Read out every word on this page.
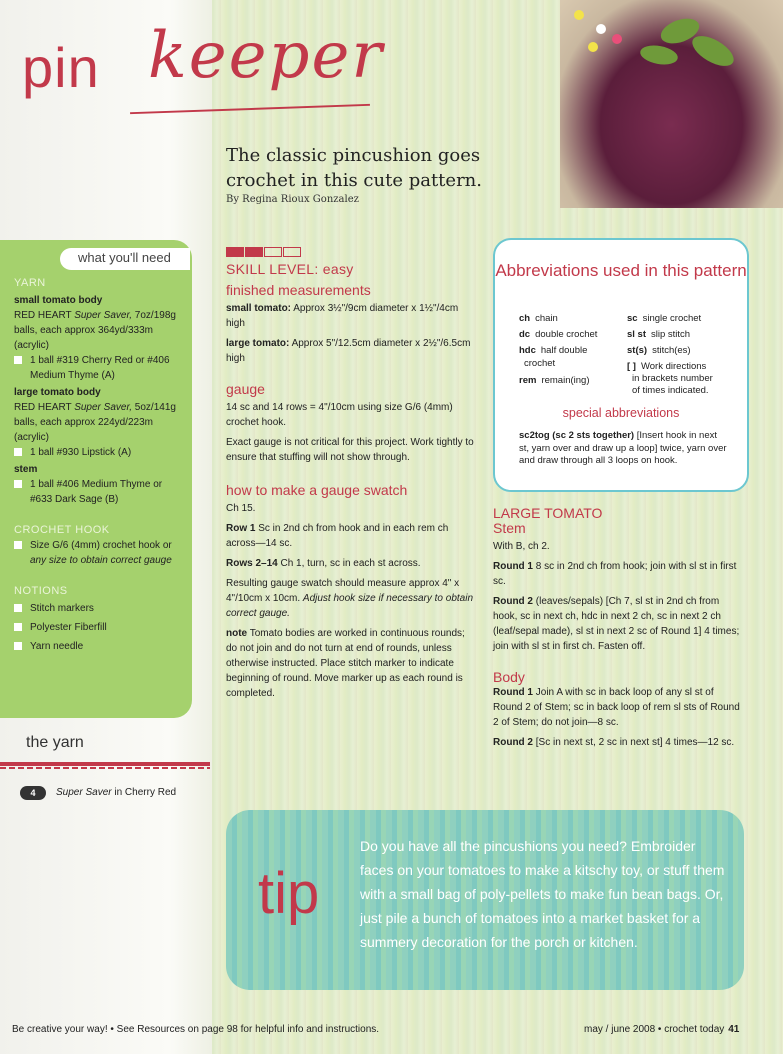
pin keeper
The classic pincushion goes crochet in this cute pattern.
By Regina Rioux Gonzalez
what you'll need
YARN
small tomato body
RED HEART Super Saver, 7oz/198g balls, each approx 364yd/333m (acrylic)
1 ball #319 Cherry Red or #406 Medium Thyme (A)
large tomato body
RED HEART Super Saver, 5oz/141g balls, each approx 224yd/223m (acrylic)
1 ball #930 Lipstick (A)
stem
1 ball #406 Medium Thyme or #633 Dark Sage (B)
CROCHET HOOK
Size G/6 (4mm) crochet hook or any size to obtain correct gauge
NOTIONS
Stitch markers
Polyester Fiberfill
Yarn needle
the yarn
4	Super Saver in Cherry Red
SKILL LEVEL: easy
finished measurements

small tomato: Approx 3½"/9cm diameter x 1½"/4cm high

large tomato: Approx 5"/12.5cm diameter x 2½"/6.5cm high

gauge

14 sc and 14 rows = 4"/10cm using size G/6 (4mm) crochet hook.

Exact gauge is not critical for this project. Work tightly to ensure that stuffing will not show through.

how to make a gauge swatch

Ch 15.

Row 1 Sc in 2nd ch from hook and in each rem ch across—14 sc.

Rows 2–14 Ch 1, turn, sc in each st across.

Resulting gauge swatch should measure approx 4" x 4"/10cm x 10cm. Adjust hook size if necessary to obtain correct gauge.

note Tomato bodies are worked in continuous rounds; do not join and do not turn at end of rounds, unless otherwise instructed. Place stitch marker to indicate beginning of round. Move marker up as each round is completed.

Abbreviations used in this pattern
ch chain
dc double crochet
hdc half double
crochet
rem remain(ing)
sc single crochet
sl st slip stitch
st(s) stitch(es)
[ ] Work directions
in brackets number
of times indicated.
special abbreviations
sc2tog (sc 2 sts together) [Insert hook in next st, yarn over and draw up a loop] twice, yarn over and draw through all 3 loops on hook.
LARGE TOMATO
Stem

With B, ch 2.

Round 1 8 sc in 2nd ch from hook; join with sl st in first sc.

Round 2 (leaves/sepals) [Ch 7, sl st in 2nd ch from hook, sc in next ch, hdc in next 2 ch, sc in next 2 ch (leaf/sepal made), sl st in next 2 sc of Round 1] 4 times; join with sl st in first ch. Fasten off.

Body

Round 1 Join A with sc in back loop of any sl st of Round 2 of Stem; sc in back loop of rem sl sts of Round 2 of Stem; do not join—8 sc.

Round 2 [Sc in next st, 2 sc in next st] 4 times—12 sc.

tip
Do you have all the pincushions you need? Embroider faces on your tomatoes to make a kitschy toy, or stuff them with a small bag of poly-pellets to make fun bean bags. Or, just pile a bunch of tomatoes into a market basket for a summery decoration for the porch or kitchen.
Be creative your way! • See Resources on page 98 for helpful info and instructions.	may / june 2008 • crochet today 41
